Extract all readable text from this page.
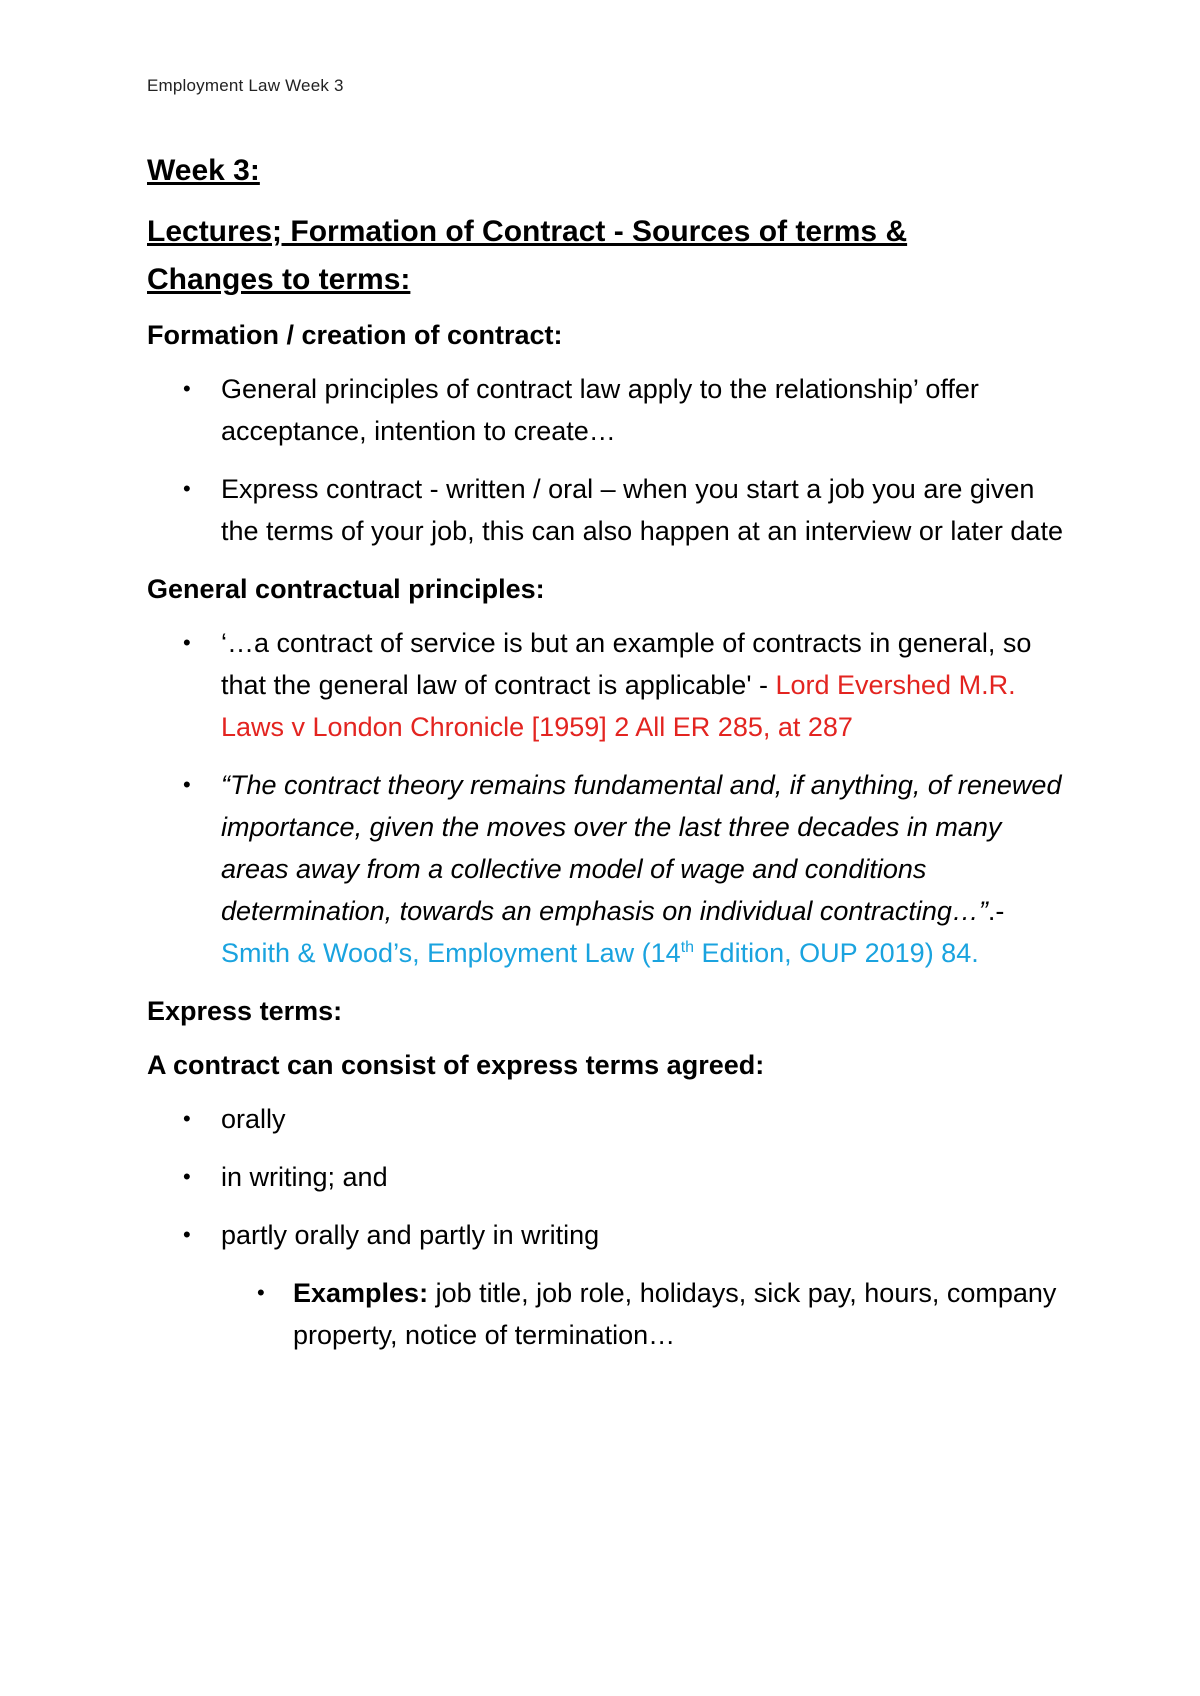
Employment Law Week 3
Week 3:
Lectures; Formation of Contract - Sources of terms & Changes to terms:
Formation / creation of contract:
• General principles of contract law apply to the relationship’ offer acceptance, intention to create…
• Express contract - written / oral – when you start a job you are given the terms of your job, this can also happen at an interview or later date
General contractual principles:
• ‘…a contract of service is but an example of contracts in general, so that the general law of contract is applicable' - Lord Evershed M.R. Laws v London Chronicle [1959] 2 All ER 285, at 287
• “The contract theory remains fundamental and, if anything, of renewed importance, given the moves over the last three decades in many areas away from a collective model of wage and conditions determination, towards an emphasis on individual contracting…”.- Smith & Wood’s, Employment Law (14th Edition, OUP 2019) 84.
Express terms:
A contract can consist of express terms agreed:
• orally
• in writing; and
• partly orally and partly in writing
• Examples: job title, job role, holidays, sick pay, hours, company property, notice of termination…
